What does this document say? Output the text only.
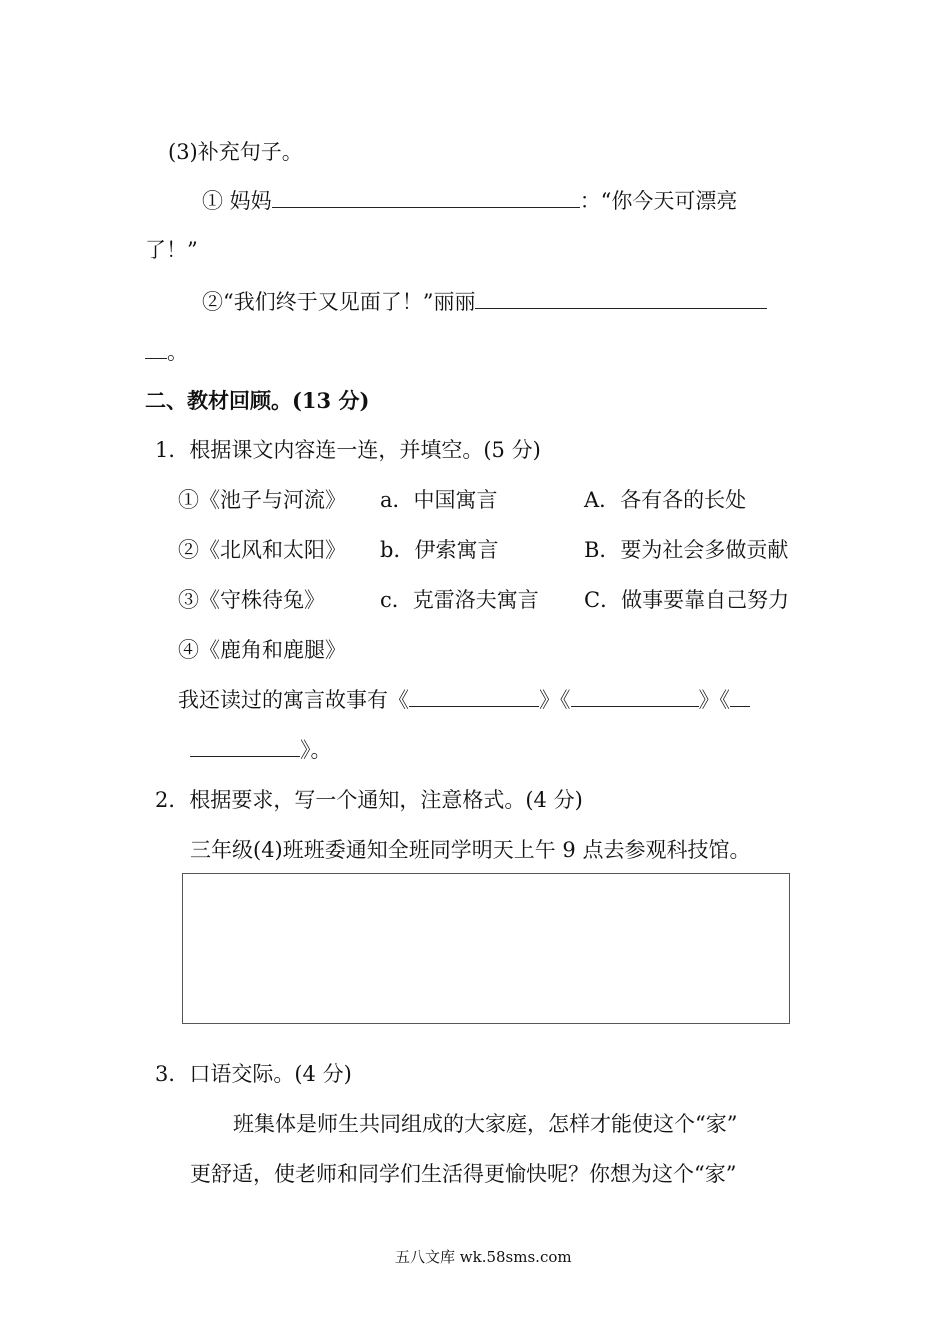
(3)补充句子。
① 妈妈	：“你今天可漂亮
了！”
②“我们终于又见面了！”丽丽
。
二、教材回顾。(13 分)
1．根据课文内容连一连，并填空。(5 分)
①《池子与河流》 a．中国寓言	A．各有各的长处
②《北风和太阳》 b．伊索寓言	B．要为社会多做贡献
③《守株待兔》	c．克雷洛夫寓言 C．做事要靠自己努力
④《鹿角和鹿腿》
我还读过的寓言故事有《	》《	》《
》。
2．根据要求，写一个通知，注意格式。(4 分)
三年级(4)班班委通知全班同学明天上午 9 点去参观科技馆。
3．口语交际。(4 分)
班集体是师生共同组成的大家庭，怎样才能使这个“家”
更舒适，使老师和同学们生活得更愉快呢？你想为这个“家”
五八文库 wk.58sms.com
